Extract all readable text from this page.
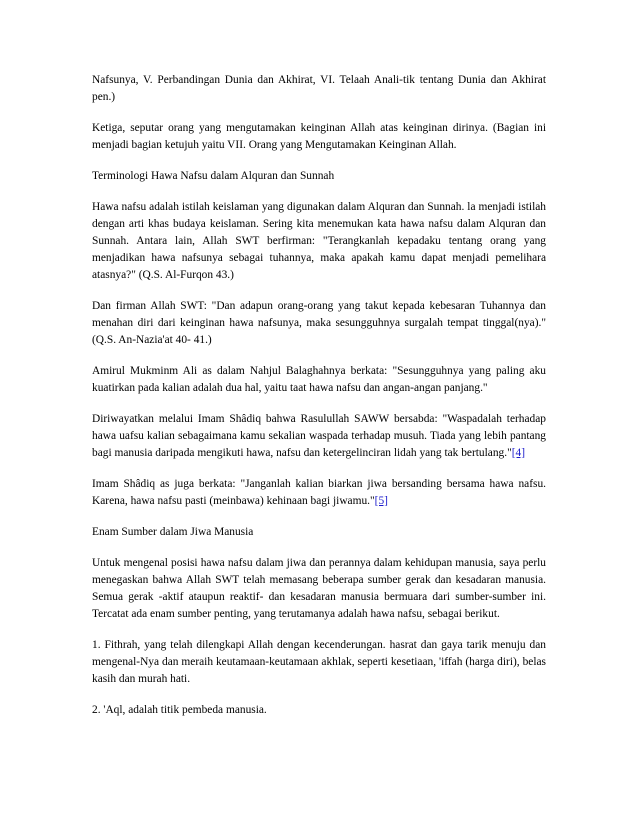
Nafsunya, V. Perbandingan Dunia dan Akhirat, VI. Telaah Anali-tik tentang Dunia dan Akhirat pen.)

Ketiga, seputar orang yang mengutamakan keinginan Allah atas keinginan dirinya. (Bagian ini menjadi bagian ketujuh yaitu VII. Orang yang Mengutamakan Keinginan Allah.

Terminologi Hawa Nafsu dalam Alquran dan Sunnah

Hawa nafsu adalah istilah keislaman yang digunakan dalam Alquran dan Sunnah. la menjadi istilah dengan arti khas budaya keislaman. Sering kita menemukan kata hawa nafsu dalam Alquran dan Sunnah. Antara lain, Allah SWT berfirman: "Terangkanlah kepadaku tentang orang yang menjadikan hawa nafsunya sebagai tuhannya, maka apakah kamu dapat menjadi pemelihara atasnya?" (Q.S. Al-Furqon 43.)

Dan firman Allah SWT: "Dan adapun orang-orang yang takut kepada kebesaran Tuhannya dan menahan diri dari keinginan hawa nafsunya, maka sesungguhnya surgalah tempat tinggal(nya)."(Q.S. An-Nazia'at 40- 41.)

Amirul Mukminm Ali as dalam Nahjul Balaghahnya berkata: "Sesungguhnya yang paling aku kuatirkan pada kalian adalah dua hal, yaitu taat hawa nafsu dan angan-angan panjang."

Diriwayatkan melalui Imam Shâdiq bahwa Rasulullah SAWW bersabda: "Waspadalah terhadap hawa uafsu kalian sebagaimana kamu sekalian waspada terhadap musuh. Tiada yang lebih pantang bagi manusia daripada mengikuti hawa, nafsu dan ketergelinciran lidah yang tak bertulang."[4]

Imam Shâdiq as juga berkata: "Janganlah kalian biarkan jiwa bersanding bersama hawa nafsu. Karena, hawa nafsu pasti (meinbawa) kehinaan bagi jiwamu."[5]

Enam Sumber dalam Jiwa Manusia

Untuk mengenal posisi hawa nafsu dalam jiwa dan perannya dalam kehidupan manusia, saya perlu menegaskan bahwa Allah SWT telah memasang beberapa sumber gerak dan kesadaran manusia. Semua gerak -aktif ataupun reaktif- dan kesadaran manusia bermuara dari sumber-sumber ini. Tercatat ada enam sumber penting, yang terutamanya adalah hawa nafsu, sebagai berikut.

1. Fithrah, yang telah dilengkapi Allah dengan kecenderungan. hasrat dan gaya tarik menuju dan mengenal-Nya dan meraih keutamaan-keutamaan akhlak, seperti kesetiaan, 'iffah (harga diri), belas kasih dan murah hati.

2. 'Aql, adalah titik pembeda manusia.
